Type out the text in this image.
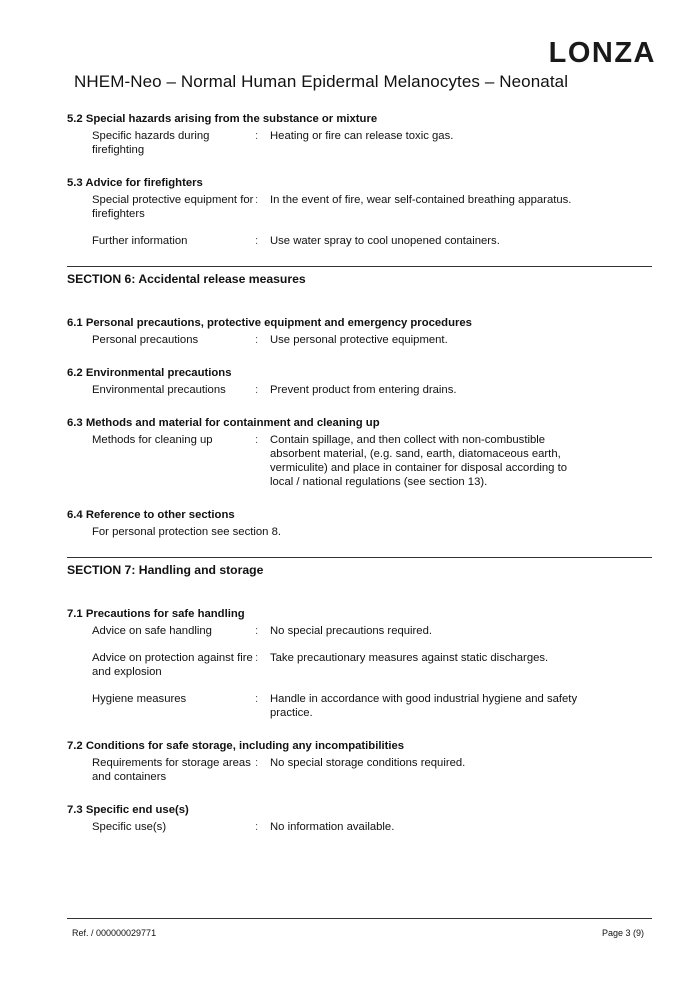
LONZA
NHEM-Neo – Normal Human Epidermal Melanocytes – Neonatal
5.2 Special hazards arising from the substance or mixture
Specific hazards during firefighting
:	Heating or fire can release toxic gas.
5.3 Advice for firefighters
Special protective equipment for firefighters
:	In the event of fire, wear self-contained breathing apparatus.
Further information	:	Use water spray to cool unopened containers.
SECTION 6: Accidental release measures
6.1 Personal precautions, protective equipment and emergency procedures
Personal precautions	:	Use personal protective equipment.
6.2 Environmental precautions
Environmental precautions	:	Prevent product from entering drains.
6.3 Methods and material for containment and cleaning up
Methods for cleaning up	:	Contain spillage, and then collect with non-combustible absorbent material, (e.g. sand, earth, diatomaceous earth, vermiculite) and place in container for disposal according to local / national regulations (see section 13).
6.4 Reference to other sections
For personal protection see section 8.
SECTION 7: Handling and storage
7.1 Precautions for safe handling
Advice on safe handling	:	No special precautions required.
Advice on protection against fire and explosion
:	Take precautionary measures against static discharges.
Hygiene measures	:	Handle in accordance with good industrial hygiene and safety practice.
7.2 Conditions for safe storage, including any incompatibilities
Requirements for storage areas and containers
:	No special storage conditions required.
7.3 Specific end use(s)
Specific use(s)	:	No information available.
Ref. / 000000029771	Page 3 (9)
